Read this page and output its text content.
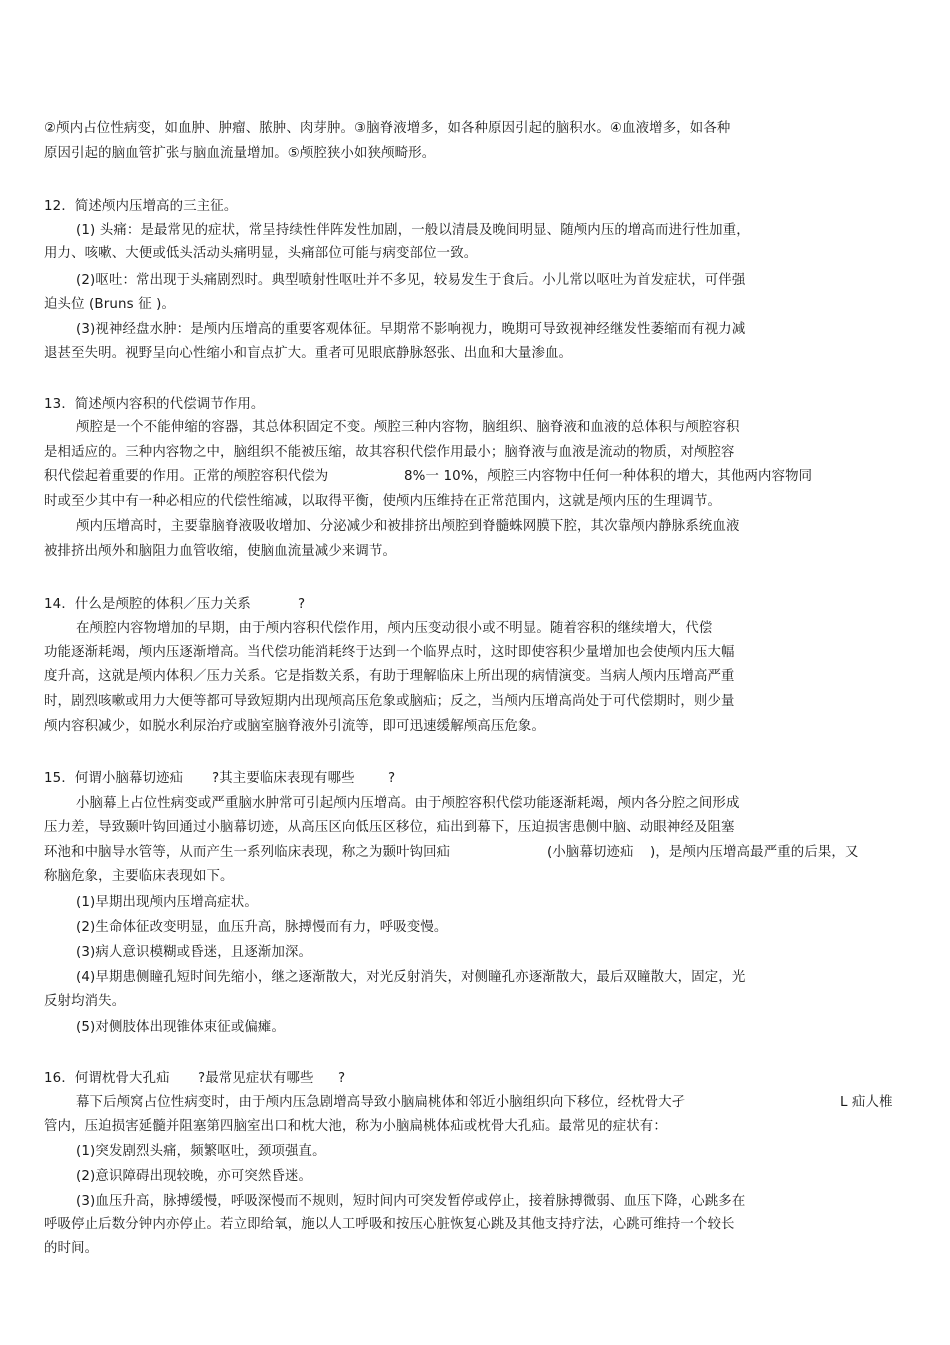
②颅内占位性病变，如血肿、肿瘤、脓肿、肉芽肿。③脑脊液增多，如各种原因引起的脑积水。④血液增多，如各种

原因引起的脑血管扩张与脑血流量增加。⑤颅腔狭小如狭颅畸形。

12．简述颅内压增高的三主征。

(1) 头痛：是最常见的症状，常呈持续性伴阵发性加剧，一般以清晨及晚间明显、随颅内压的增高而进行性加重，

用力、咳嗽、大便或低头活动头痛明显，头痛部位可能与病变部位一致。

(2)呕吐：常出现于头痛剧烈时。典型喷射性呕吐并不多见，较易发生于食后。小儿常以呕吐为首发症状，可伴强

迫头位 (Bruns 征 )。

(3)视神经盘水肿：是颅内压增高的重要客观体征。早期常不影响视力，晚期可导致视神经继发性萎缩而有视力减

退甚至失明。视野呈向心性缩小和盲点扩大。重者可见眼底静脉怒张、出血和大量渗血。

13．简述颅内容积的代偿调节作用。

颅腔是一个不能伸缩的容器，其总体积固定不变。颅腔三种内容物，脑组织、脑脊液和血液的总体积与颅腔容积

是相适应的。三种内容物之中，脑组织不能被压缩，故其容积代偿作用最小；脑脊液与血液是流动的物质，对颅腔容

积代偿起着重要的作用。正常的颅腔容积代偿为	8%一 10%，颅腔三内容物中任何一种体积的增大，其他两内容物同

时或至少其中有一种必相应的代偿性缩减，以取得平衡，使颅内压维持在正常范围内，这就是颅内压的生理调节。

颅内压增高时，主要靠脑脊液吸收增加、分泌减少和被排挤出颅腔到脊髓蛛网膜下腔，其次靠颅内静脉系统血液

被排挤出颅外和脑阻力血管收缩，使脑血流量减少来调节。

14．什么是颅腔的体积／压力关系	?

在颅腔内容物增加的早期，由于颅内容积代偿作用，颅内压变动很小或不明显。随着容积的继续增大，代偿

功能逐渐耗竭，颅内压逐渐增高。当代偿功能消耗终于达到一个临界点时，这时即使容积少量增加也会使颅内压大幅

度升高，这就是颅内体积／压力关系。它是指数关系，有助于理解临床上所出现的病情演变。当病人颅内压增高严重

时，剧烈咳嗽或用力大便等都可导致短期内出现颅高压危象或脑疝；反之，当颅内压增高尚处于可代偿期时，则少量

颅内容积减少，如脱水利尿治疗或脑室脑脊液外引流等，即可迅速缓解颅高压危象。

15．何谓小脑幕切迹疝 ?其主要临床表现有哪些 ?

小脑幕上占位性病变或严重脑水肿常可引起颅内压增高。由于颅腔容积代偿功能逐渐耗竭，颅内各分腔之间形成

压力差，导致颞叶钩回通过小脑幕切迹，从高压区向低压区移位，疝出到幕下，压迫损害患侧中脑、动眼神经及阻塞

环池和中脑导水管等，从而产生一系列临床表现，称之为颞叶钩回疝	(小脑幕切迹疝 )，是颅内压增高最严重的后果，又

称脑危象，主要临床表现如下。

(1)早期出现颅内压增高症状。

(2)生命体征改变明显，血压升高，脉搏慢而有力，呼吸变慢。

(3)病人意识模糊或昏迷，且逐渐加深。

(4)早期患侧瞳孔短时间先缩小，继之逐渐散大，对光反射消失，对侧瞳孔亦逐渐散大，最后双瞳散大，固定，光

反射均消失。

(5)对侧肢体出现锥体束征或偏瘫。

16．何谓枕骨大孔疝 ?最常见症状有哪些 ?

幕下后颅窝占位性病变时，由于颅内压急剧增高导致小脑扁桃体和邻近小脑组织向下移位，经枕骨大孑	L 疝人椎

管内，压迫损害延髓并阻塞第四脑室出口和枕大池，称为小脑扁桃体疝或枕骨大孔疝。最常见的症状有：

(1)突发剧烈头痛，频繁呕吐，颈项强直。

(2)意识障碍出现较晚，亦可突然昏迷。

(3)血压升高，脉搏缓慢，呼吸深慢而不规则，短时间内可突发暂停或停止，接着脉搏微弱、血压下降，心跳多在

呼吸停止后数分钟内亦停止。若立即给氧，施以人工呼吸和按压心脏恢复心跳及其他支持疗法，心跳可维持一个较长

的时间。
